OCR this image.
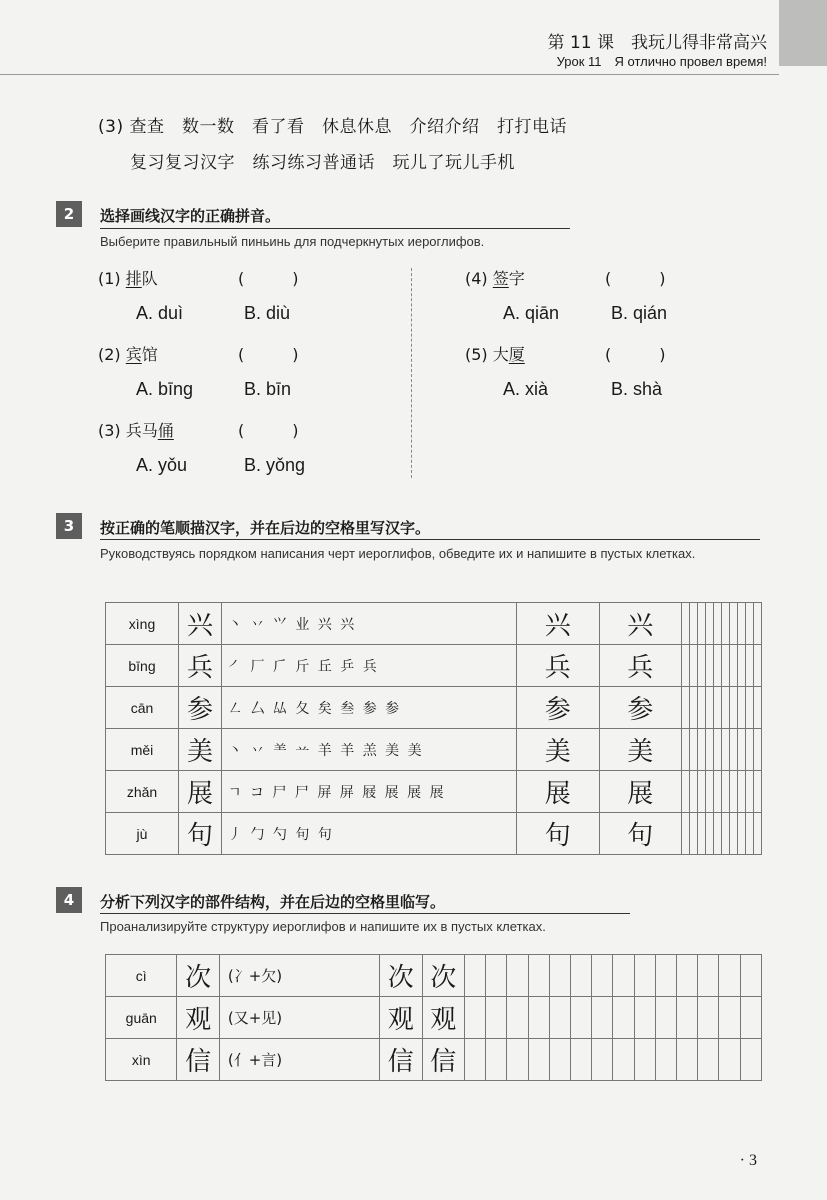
第 11 课　我玩儿得非常高兴
Урок 11　Я отлично провел время!
(3) 查查　数一数　看了看　休息休息　介绍介绍　打打电话
复习复习汉字　练习练习普通话　玩儿了玩儿手机
2	选择画线汉字的正确拼音。
Выберите правильный пиньинь для подчеркнутых иероглифов.
(1) 排队	(　　　)
A. duì	B. diù
(2) 宾馆	(　　　)
A. bīng	B. bīn
(3) 兵马俑	(　　　)
A. yǒu	B. yǒng
(4) 签字	(　　　)
A. qiān	B. qián
(5) 大厦	(　　　)
A. xià	B. shà
3	按正确的笔顺描汉字，并在后边的空格里写汉字。
Руководствуясь порядком написания черт иероглифов, обведите их и напишите в пустых клетках.
xìng	兴	丶 丷 ⺍ 业 兴 兴	兴	兴										
bīng	兵	㇒ 厂 𠂆 斤 丘 乒 兵	兵	兵										
cān	参	㇜ 厶 厸 夂 矣 叁 参 参	参	参										
měi	美	丶 丷 ⺷ 䒑 羊 羊 羔 美 美	美	美										
zhǎn	展	ㄱ コ 尸 尸 屏 屏 屐 展 展 展	展	展										
jù	句	丿 勹 勺 句 句	句	句										
4	分析下列汉字的部件结构，并在后边的空格里临写。
Проанализируйте структуру иероглифов и напишите их в пустых клетках.
cì	次	(冫+欠)	次	次														
guān	观	(又+见)	观	观														
xìn	信	(亻+言)	信	信														
· 3
